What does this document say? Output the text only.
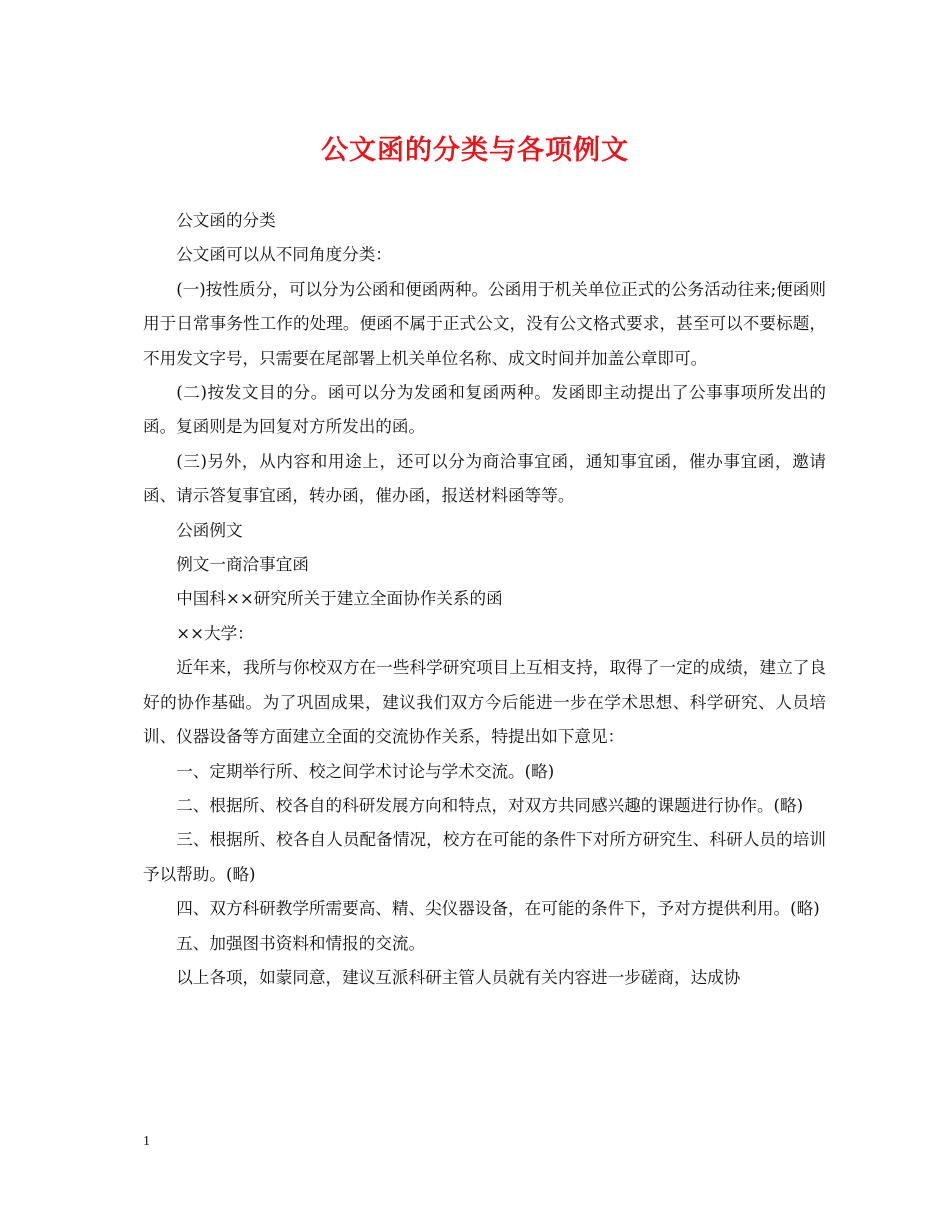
公文函的分类与各项例文

公文函的分类

公文函可以从不同角度分类：

(一)按性质分，可以分为公函和便函两种。公函用于机关单位正式的公务活动往来;便函则用于日常事务性工作的处理。便函不属于正式公文，没有公文格式要求，甚至可以不要标题，不用发文字号，只需要在尾部署上机关单位名称、成文时间并加盖公章即可。

(二)按发文目的分。函可以分为发函和复函两种。发函即主动提出了公事事项所发出的函。复函则是为回复对方所发出的函。

(三)另外，从内容和用途上，还可以分为商洽事宜函，通知事宜函，催办事宜函，邀请函、请示答复事宜函，转办函，催办函，报送材料函等等。

公函例文

例文一商洽事宜函

中国科××研究所关于建立全面协作关系的函

××大学：

近年来，我所与你校双方在一些科学研究项目上互相支持，取得了一定的成绩，建立了良好的协作基础。为了巩固成果，建议我们双方今后能进一步在学术思想、科学研究、人员培训、仪器设备等方面建立全面的交流协作关系，特提出如下意见：

一、定期举行所、校之间学术讨论与学术交流。(略)

二、根据所、校各自的科研发展方向和特点，对双方共同感兴趣的课题进行协作。(略)

三、根据所、校各自人员配备情况，校方在可能的条件下对所方研究生、科研人员的培训予以帮助。(略)

四、双方科研教学所需要高、精、尖仪器设备，在可能的条件下，予对方提供利用。(略)

五、加强图书资料和情报的交流。

以上各项，如蒙同意，建议互派科研主管人员就有关内容进一步磋商，达成协

1
